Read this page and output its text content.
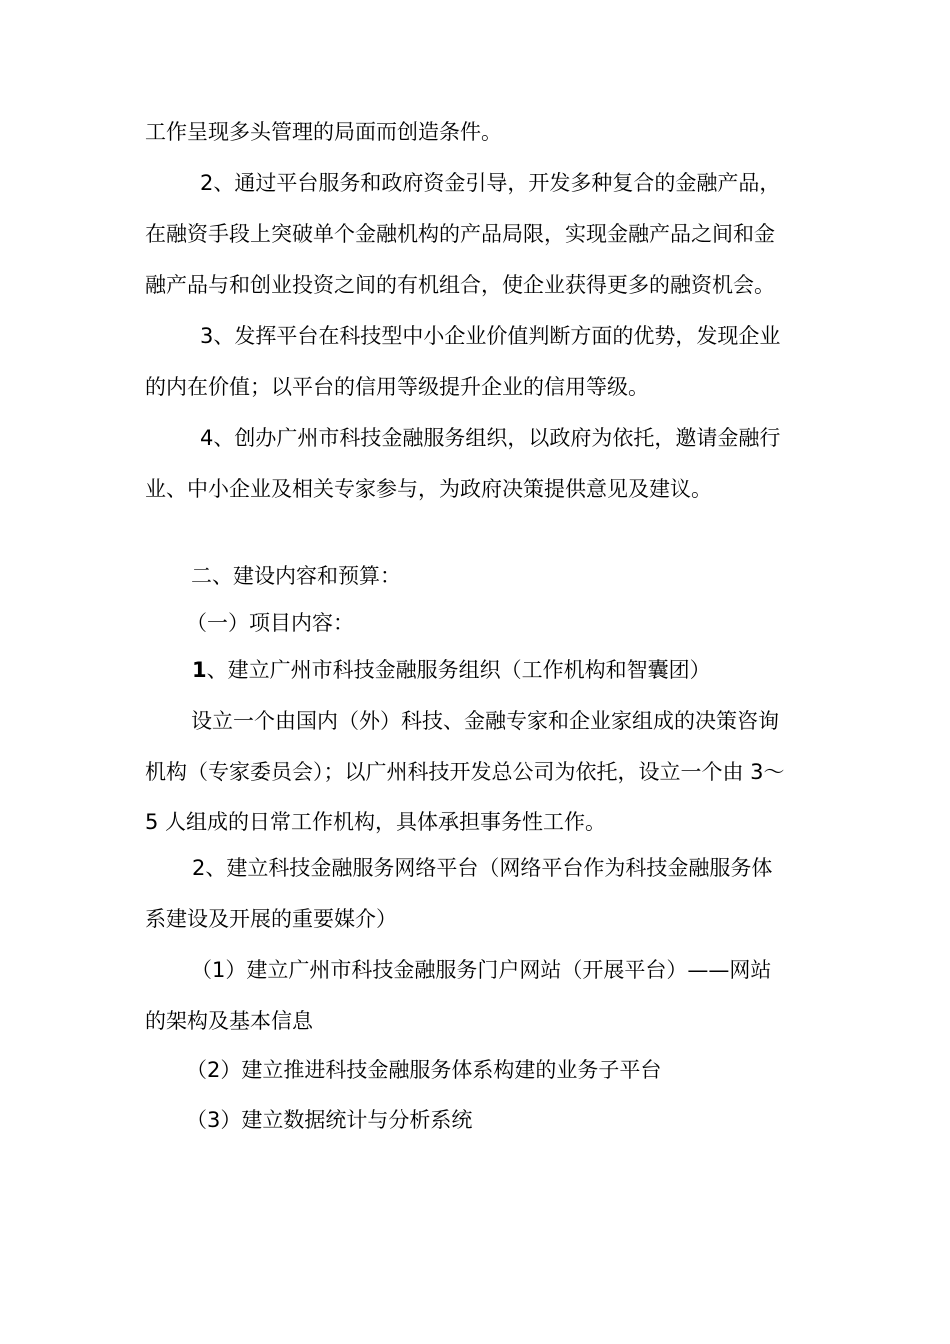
工作呈现多头管理的局面而创造条件。
2、通过平台服务和政府资金引导，开发多种复合的金融产品，
在融资手段上突破单个金融机构的产品局限，实现金融产品之间和金
融产品与和创业投资之间的有机组合，使企业获得更多的融资机会。
3、发挥平台在科技型中小企业价值判断方面的优势，发现企业
的内在价值；以平台的信用等级提升企业的信用等级。
4、创办广州市科技金融服务组织，以政府为依托，邀请金融行
业、中小企业及相关专家参与，为政府决策提供意见及建议。
二、建设内容和预算：
（一）项目内容：
1、建立广州市科技金融服务组织（工作机构和智囊团）
设立一个由国内（外）科技、金融专家和企业家组成的决策咨询
机构（专家委员会）；以广州科技开发总公司为依托，设立一个由 3～
5 人组成的日常工作机构，具体承担事务性工作。
2、建立科技金融服务网络平台（网络平台作为科技金融服务体
系建设及开展的重要媒介）
（1）建立广州市科技金融服务门户网站（开展平台）——网站
的架构及基本信息
（2）建立推进科技金融服务体系构建的业务子平台
（3）建立数据统计与分析系统
